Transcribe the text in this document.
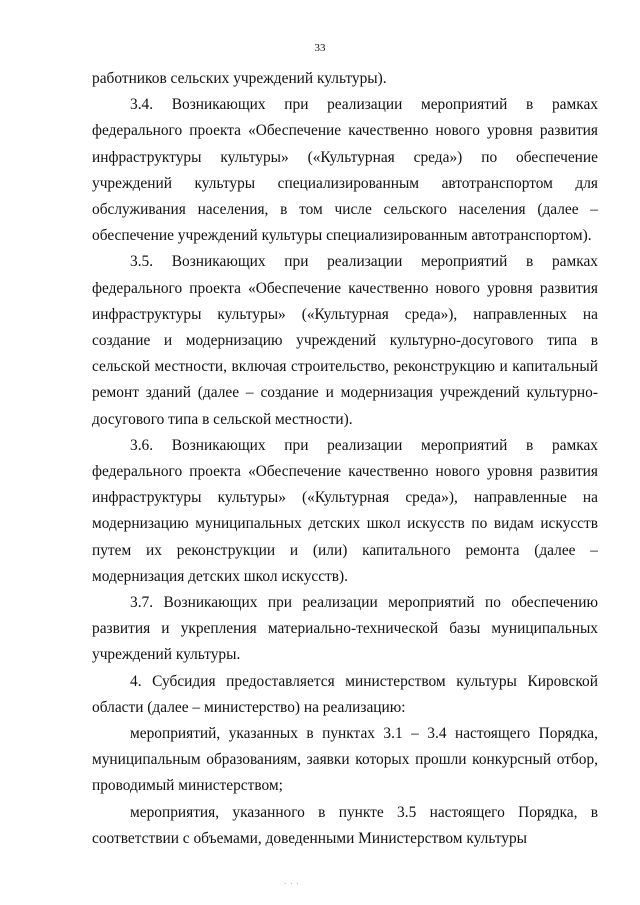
33

работников сельских учреждений культуры).

3.4. Возникающих при реализации мероприятий в рамках федерального проекта «Обеспечение качественно нового уровня развития инфраструктуры культуры» («Культурная среда») по обеспечение учреждений культуры специализированным автотранспортом для обслуживания населения, в том числе сельского населения (далее – обеспечение учреждений культуры специализированным автотранспортом).

3.5. Возникающих при реализации мероприятий в рамках федерального проекта «Обеспечение качественно нового уровня развития инфраструктуры культуры» («Культурная среда»), направленных на создание и модернизацию учреждений культурно-досугового типа в сельской местности, включая строительство, реконструкцию и капитальный ремонт зданий (далее – создание и модернизация учреждений культурно-досугового типа в сельской местности).

3.6. Возникающих при реализации мероприятий в рамках федерального проекта «Обеспечение качественно нового уровня развития инфраструктуры культуры» («Культурная среда»), направленные на модернизацию муниципальных детских школ искусств по видам искусств путем их реконструкции и (или) капитального ремонта (далее – модернизация детских школ искусств).

3.7. Возникающих при реализации мероприятий по обеспечению развития и укрепления материально-технической базы муниципальных учреждений культуры.

4. Субсидия предоставляется министерством культуры Кировской области (далее – министерство) на реализацию:

мероприятий, указанных в пунктах 3.1 – 3.4 настоящего Порядка, муниципальным образованиям, заявки которых прошли конкурсный отбор, проводимый министерством;

мероприятия, указанного в пункте 3.5 настоящего Порядка, в соответствии с объемами, доведенными Министерством культуры

· · ·
